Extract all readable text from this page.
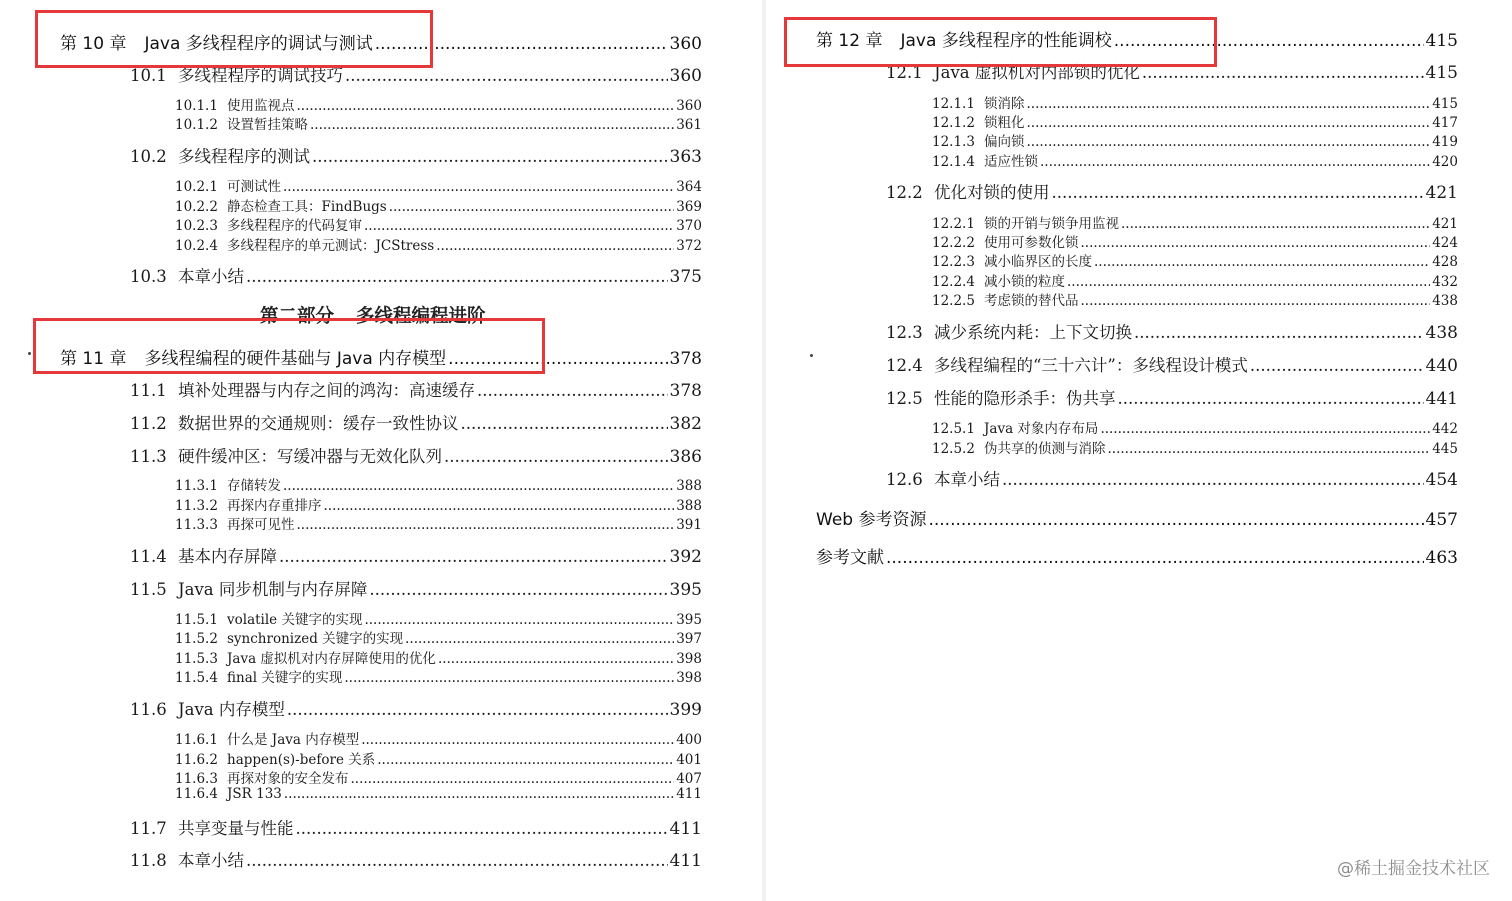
第 10 章 Java 多线程程序的调试与测试 .....	360
10.1 多线程程序的调试技巧 .....	360
10.1.1 使用监视点 .....	360
10.1.2 设置暂挂策略 .....	361
10.2 多线程程序的测试 .....	363
10.2.1 可测试性 .....	364
10.2.2 静态检查工具：FindBugs .....	369
10.2.3 多线程程序的代码复审 .....	370
10.2.4 多线程程序的单元测试：JCStress .....	372
10.3 本章小结 .....	375
第二部分 多线程编程进阶
第 11 章 多线程编程的硬件基础与 Java 内存模型 .....	378
11.1 填补处理器与内存之间的鸿沟：高速缓存 .....	378
11.2 数据世界的交通规则：缓存一致性协议 .....	382
11.3 硬件缓冲区：写缓冲器与无效化队列 .....	386
11.3.1 存储转发 .....	388
11.3.2 再探内存重排序 .....	388
11.3.3 再探可见性 .....	391
11.4 基本内存屏障 .....	392
11.5 Java 同步机制与内存屏障 .....	395
11.5.1 volatile 关键字的实现 .....	395
11.5.2 synchronized 关键字的实现 .....	397
11.5.3 Java 虚拟机对内存屏障使用的优化 .....	398
11.5.4 final 关键字的实现 .....	398
11.6 Java 内存模型 .....	399
11.6.1 什么是 Java 内存模型 .....	400
11.6.2 happen(s)-before 关系 .....	401
11.6.3 再探对象的安全发布 .....	407
11.6.4 JSR 133 .....	411
11.7 共享变量与性能 .....	411
11.8 本章小结 .....	411
第 12 章 Java 多线程程序的性能调校 .....	415
12.1 Java 虚拟机对内部锁的优化 .....	415
12.1.1 锁消除 .....	415
12.1.2 锁粗化 .....	417
12.1.3 偏向锁 .....	419
12.1.4 适应性锁 .....	420
12.2 优化对锁的使用 .....	421
12.2.1 锁的开销与锁争用监视 .....	421
12.2.2 使用可参数化锁 .....	424
12.2.3 减小临界区的长度 .....	428
12.2.4 减小锁的粒度 .....	432
12.2.5 考虑锁的替代品 .....	438
12.3 减少系统内耗：上下文切换 .....	438
12.4 多线程编程的“三十六计”：多线程设计模式 .....	440
12.5 性能的隐形杀手：伪共享 .....	441
12.5.1 Java 对象内存布局 .....	442
12.5.2 伪共享的侦测与消除 .....	445
12.6 本章小结 .....	454
Web 参考资源 .....	457
参考文献 .....	463
@稀土掘金技术社区
